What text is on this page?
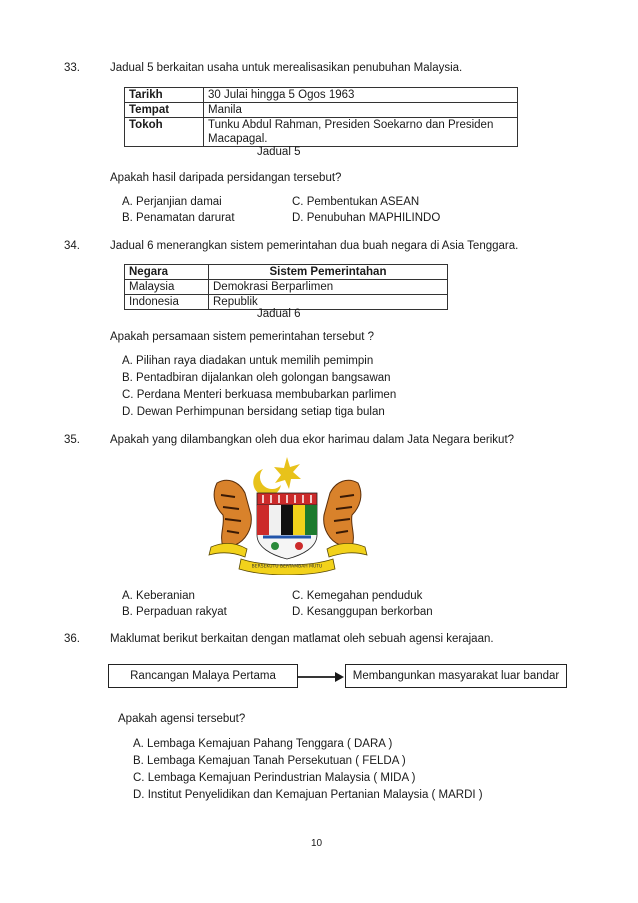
33.	Jadual 5 berkaitan usaha untuk merealisasikan penubuhan Malaysia.
Tarikh	30 Julai hingga 5 Ogos 1963
Tempat	Manila
Tokoh	Tunku Abdul Rahman, Presiden Soekarno dan Presiden
Macapagal.
Jadual 5
Apakah hasil daripada persidangan tersebut?
A. Perjanjian damai
B. Penamatan darurat
C. Pembentukan ASEAN
D. Penubuhan MAPHILINDO
34.	Jadual 6 menerangkan sistem pemerintahan dua buah negara di Asia Tenggara.
Negara	Sistem Pemerintahan
Malaysia	Demokrasi Berparlimen
Indonesia	Republik
Jadual 6
Apakah persamaan sistem pemerintahan tersebut ?
A. Pilihan raya diadakan untuk memilih pemimpin
B. Pentadbiran dijalankan oleh golongan bangsawan
C. Perdana Menteri berkuasa membubarkan parlimen
D. Dewan Perhimpunan bersidang setiap tiga bulan
35.	Apakah yang dilambangkan oleh dua ekor harimau dalam Jata Negara berikut?
BERSEKUTU BERTAMBAH MUTU
A. Keberanian
B. Perpaduan rakyat
C. Kemegahan penduduk
D. Kesanggupan berkorban
36.	Maklumat berikut berkaitan dengan matlamat oleh sebuah agensi kerajaan.
Rancangan Malaya Pertama	Membangunkan masyarakat luar bandar
Apakah agensi tersebut?
A. Lembaga Kemajuan Pahang Tenggara ( DARA )
B. Lembaga Kemajuan Tanah Persekutuan ( FELDA )
C. Lembaga Kemajuan Perindustrian Malaysia ( MIDA )
D. Institut Penyelidikan dan Kemajuan Pertanian Malaysia ( MARDI )
10
